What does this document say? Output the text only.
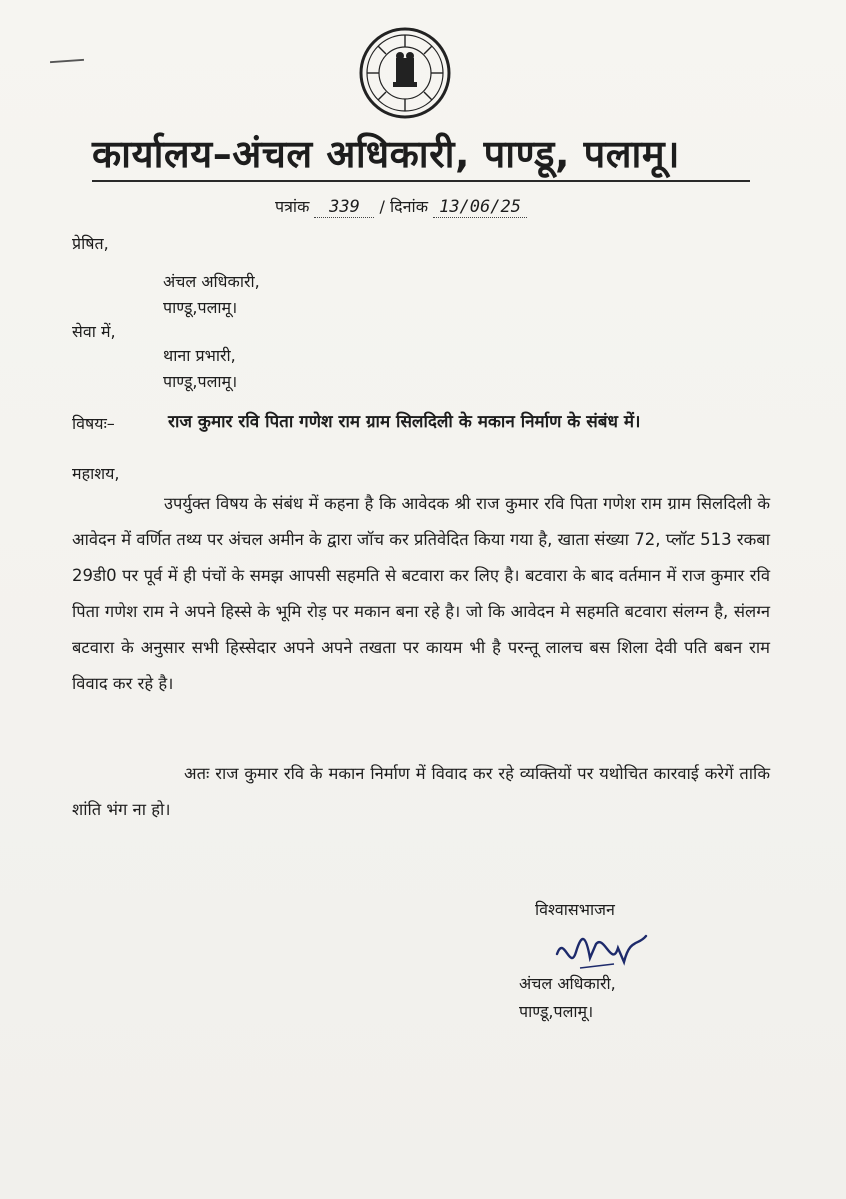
कार्यालय–अंचल अधिकारी, पाण्डू, पलामू।
पत्रांक 339 / दिनांक 13/06/25
प्रेषित,
अंचल अधिकारी,
पाण्डू,पलामू।
सेवा में,
थाना प्रभारी,
पाण्डू,पलामू।
विषयः–	राज कुमार रवि पिता गणेश राम ग्राम सिलदिली के मकान निर्माण के संबंध में।
महाशय,
उपर्युक्त विषय के संबंध में कहना है कि आवेदक श्री राज कुमार रवि पिता गणेश राम ग्राम सिलदिली के आवेदन में वर्णित तथ्य पर अंचल अमीन के द्वारा जॉच कर प्रतिवेदित किया गया है, खाता संख्या 72, प्लॉट 513 रकबा 29डी0 पर पूर्व में ही पंचों के समझ आपसी सहमति से बटवारा कर लिए है। बटवारा के बाद वर्तमान में राज कुमार रवि पिता गणेश राम ने अपने हिस्से के भूमि रोड़ पर मकान बना रहे है। जो कि आवेदन मे सहमति बटवारा संलग्न है, संलग्न बटवारा के अनुसार सभी हिस्सेदार अपने अपने तखता पर कायम भी है परन्तू लालच बस शिला देवी पति बबन राम विवाद कर रहे है।
अतः राज कुमार रवि के मकान निर्माण में विवाद कर रहे व्यक्तियों पर यथोचित कारवाई करेगें ताकि शांति भंग ना हो।
विश्वासभाजन
अंचल अधिकारी,
पाण्डू,पलामू।
